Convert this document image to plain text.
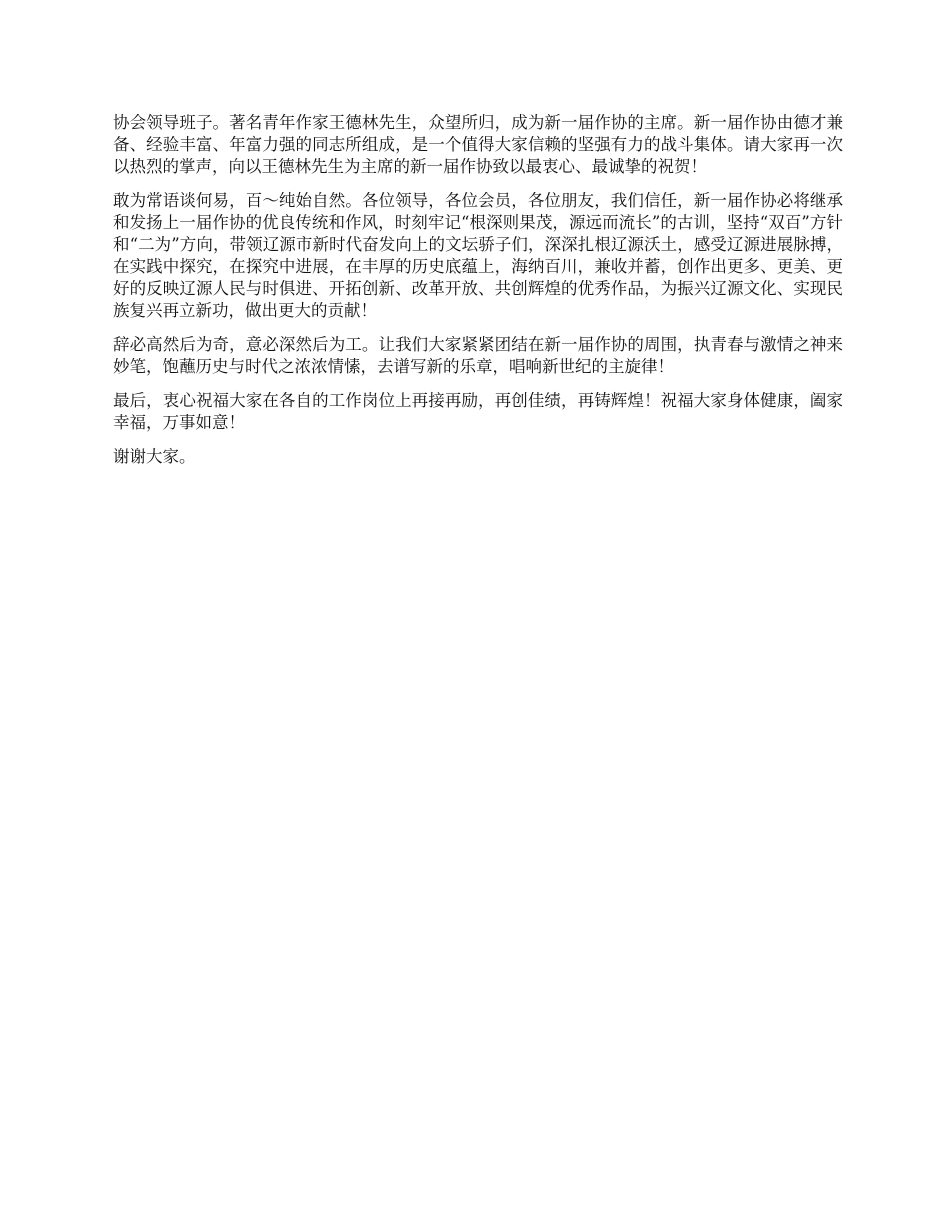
协会领导班子。著名青年作家王德林先生，众望所归，成为新一届作协的主席。新一届作协由德才兼备、经验丰富、年富力强的同志所组成，是一个值得大家信赖的坚强有力的战斗集体。请大家再一次以热烈的掌声，向以王德林先生为主席的新一届作协致以最衷心、最诚挚的祝贺！

敢为常语谈何易，百～纯始自然。各位领导，各位会员，各位朋友，我们信任，新一届作协必将继承和发扬上一届作协的优良传统和作风，时刻牢记“根深则果茂，源远而流长”的古训，坚持“双百”方针和“二为”方向，带领辽源市新时代奋发向上的文坛骄子们，深深扎根辽源沃土，感受辽源进展脉搏，在实践中探究，在探究中进展，在丰厚的历史底蕴上，海纳百川，兼收并蓄，创作出更多、更美、更好的反映辽源人民与时俱进、开拓创新、改革开放、共创辉煌的优秀作品，为振兴辽源文化、实现民族复兴再立新功，做出更大的贡献！

辞必高然后为奇，意必深然后为工。让我们大家紧紧团结在新一届作协的周围，执青春与激情之神来妙笔，饱蘸历史与时代之浓浓情愫，去谱写新的乐章，唱响新世纪的主旋律！

最后，衷心祝福大家在各自的工作岗位上再接再励，再创佳绩，再铸辉煌！祝福大家身体健康，阖家幸福，万事如意！

谢谢大家。
